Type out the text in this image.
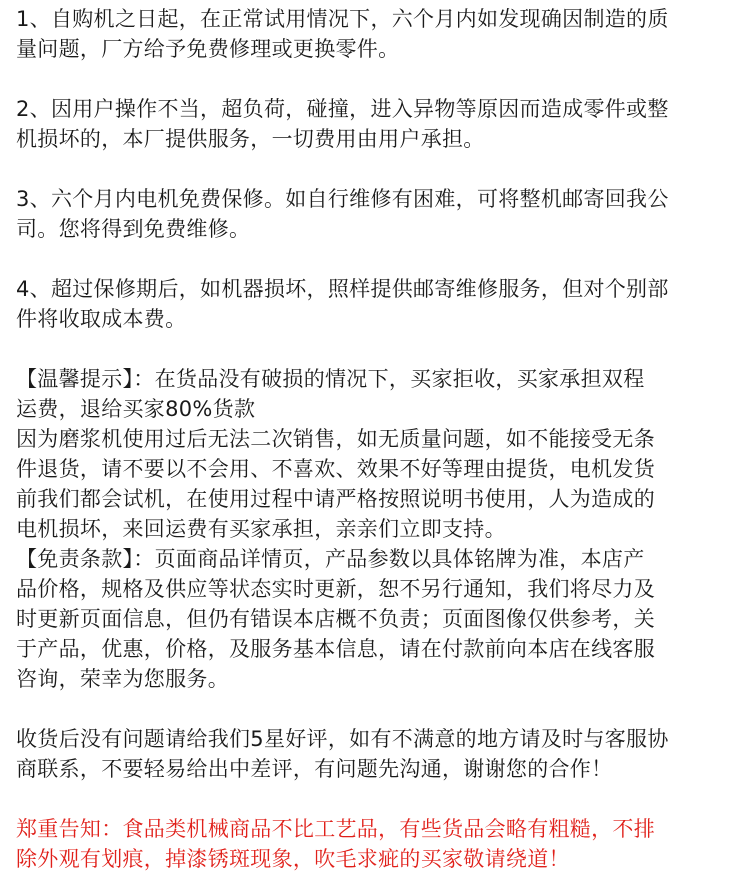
1、自购机之日起，在正常试用情况下，六个月内如发现确因制造的质
量问题，厂方给予免费修理或更换零件。

2、因用户操作不当，超负荷，碰撞，进入异物等原因而造成零件或整
机损坏的，本厂提供服务，一切费用由用户承担。

3、六个月内电机免费保修。如自行维修有困难，可将整机邮寄回我公
司。您将得到免费维修。

4、超过保修期后，如机器损坏，照样提供邮寄维修服务，但对个别部
件将收取成本费。

【温馨提示】：在货品没有破损的情况下，买家拒收，买家承担双程
运费，退给买家80%货款
因为磨浆机使用过后无法二次销售，如无质量问题，如不能接受无条
件退货，请不要以不会用、不喜欢、效果不好等理由提货，电机发货
前我们都会试机，在使用过程中请严格按照说明书使用，人为造成的
电机损坏，来回运费有买家承担，亲亲们立即支持。
【免责条款】：页面商品详情页，产品参数以具体铭牌为准，本店产
品价格，规格及供应等状态实时更新，恕不另行通知，我们将尽力及
时更新页面信息，但仍有错误本店概不负责；页面图像仅供参考，关
于产品，优惠，价格，及服务基本信息，请在付款前向本店在线客服
咨询，荣幸为您服务。

收货后没有问题请给我们5星好评，如有不满意的地方请及时与客服协
商联系，不要轻易给出中差评，有问题先沟通，谢谢您的合作！

郑重告知：食品类机械商品不比工艺品，有些货品会略有粗糙，不排
除外观有划痕，掉漆锈斑现象，吹毛求疵的买家敬请绕道！
